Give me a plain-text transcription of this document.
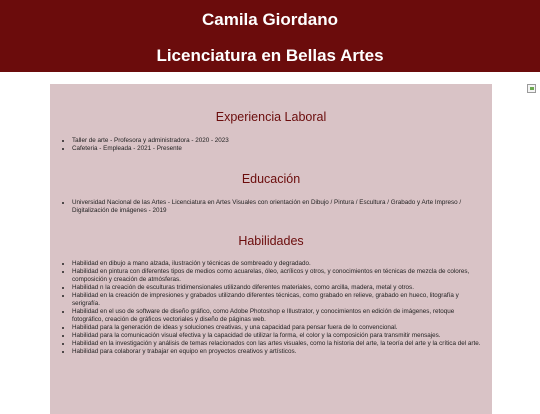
Camila Giordano
Licenciatura en Bellas Artes
Experiencia Laboral
• Taller de arte - Profesora y administradora - 2020 - 2023
• Cafeteria - Empleada - 2021 - Presente
Educación
• Universidad Nacional de las Artes - Licenciatura en Artes Visuales con orientación en Dibujo / Pintura / Escultura / Grabado y Arte Impreso / Digitalización de imágenes - 2019
Habilidades
• Habilidad en dibujo a mano alzada, ilustración y técnicas de sombreado y degradado.
• Habilidad en pintura con diferentes tipos de medios como acuarelas, óleo, acrílicos y otros, y conocimientos en técnicas de mezcla de colores, composición y creación de atmósferas.
• Habilidad n la creación de esculturas tridimensionales utilizando diferentes materiales, como arcilla, madera, metal y otros.
• Habilidad en la creación de impresiones y grabados utilizando diferentes técnicas, como grabado en relieve, grabado en hueco, litografía y serigrafía.
• Habilidad en el uso de software de diseño gráfico, como Adobe Photoshop e Illustrator, y conocimientos en edición de imágenes, retoque fotográfico, creación de gráficos vectoriales y diseño de páginas web.
• Habilidad para la generación de ideas y soluciones creativas, y una capacidad para pensar fuera de lo convencional.
• Habilidad para la comunicación visual efectiva y la capacidad de utilizar la forma, el color y la composición para transmitir mensajes.
• Habilidad en la investigación y análisis de temas relacionados con las artes visuales, como la historia del arte, la teoría del arte y la crítica del arte.
• Habilidad para colaborar y trabajar en equipo en proyectos creativos y artísticos.
